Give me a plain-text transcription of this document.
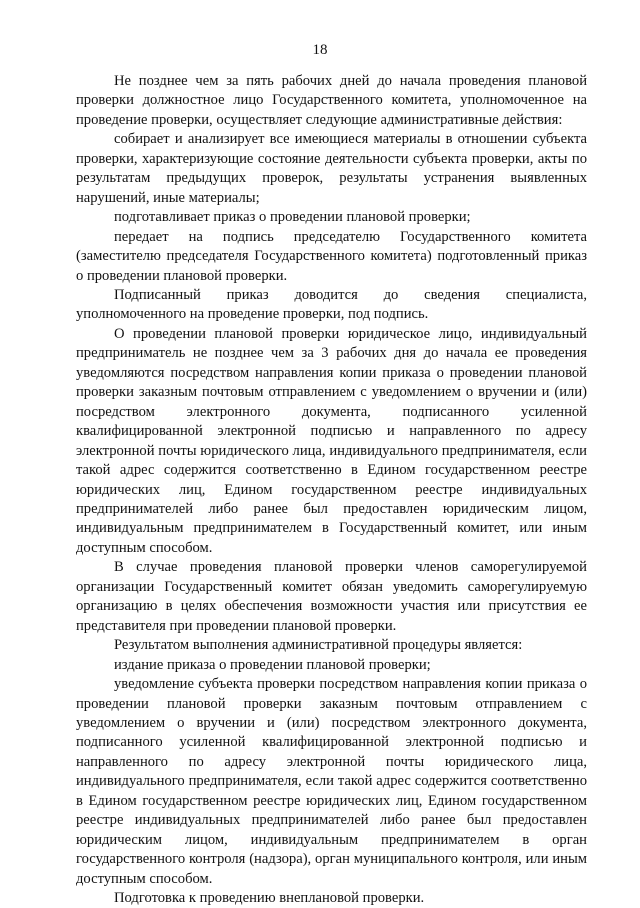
18

Не позднее чем за пять рабочих дней до начала проведения плановой проверки должностное лицо Государственного комитета, уполномоченное на проведение проверки, осуществляет следующие административные действия:

собирает и анализирует все имеющиеся материалы в отношении субъекта проверки, характеризующие состояние деятельности субъекта проверки, акты по результатам предыдущих проверок, результаты устранения выявленных нарушений, иные материалы;

подготавливает приказ о проведении плановой проверки;

передает на подпись председателю Государственного комитета (заместителю председателя Государственного комитета) подготовленный приказ о проведении плановой проверки.

Подписанный приказ доводится до сведения специалиста, уполномоченного на проведение проверки, под подпись.

О проведении плановой проверки юридическое лицо, индивидуальный предприниматель не позднее чем за 3 рабочих дня до начала ее проведения уведомляются посредством направления копии приказа о проведении плановой проверки заказным почтовым отправлением с уведомлением о вручении и (или) посредством электронного документа, подписанного усиленной квалифицированной электронной подписью и направленного по адресу электронной почты юридического лица, индивидуального предпринимателя, если такой адрес содержится соответственно в Едином государственном реестре юридических лиц, Едином государственном реестре индивидуальных предпринимателей либо ранее был предоставлен юридическим лицом, индивидуальным предпринимателем в Государственный комитет, или иным доступным способом.

В случае проведения плановой проверки членов саморегулируемой организации Государственный комитет обязан уведомить саморегулируемую организацию в целях обеспечения возможности участия или присутствия ее представителя при проведении плановой проверки.

Результатом выполнения административной процедуры является:

издание приказа о проведении плановой проверки;

уведомление субъекта проверки посредством направления копии приказа о проведении плановой проверки заказным почтовым отправлением с уведомлением о вручении и (или) посредством электронного документа, подписанного усиленной квалифицированной электронной подписью и направленного по адресу электронной почты юридического лица, индивидуального предпринимателя, если такой адрес содержится соответственно в Едином государственном реестре юридических лиц, Едином государственном реестре индивидуальных предпринимателей либо ранее был предоставлен юридическим лицом, индивидуальным предпринимателем в орган государственного контроля (надзора), орган муниципального контроля, или иным доступным способом.

Подготовка к проведению внеплановой проверки.
